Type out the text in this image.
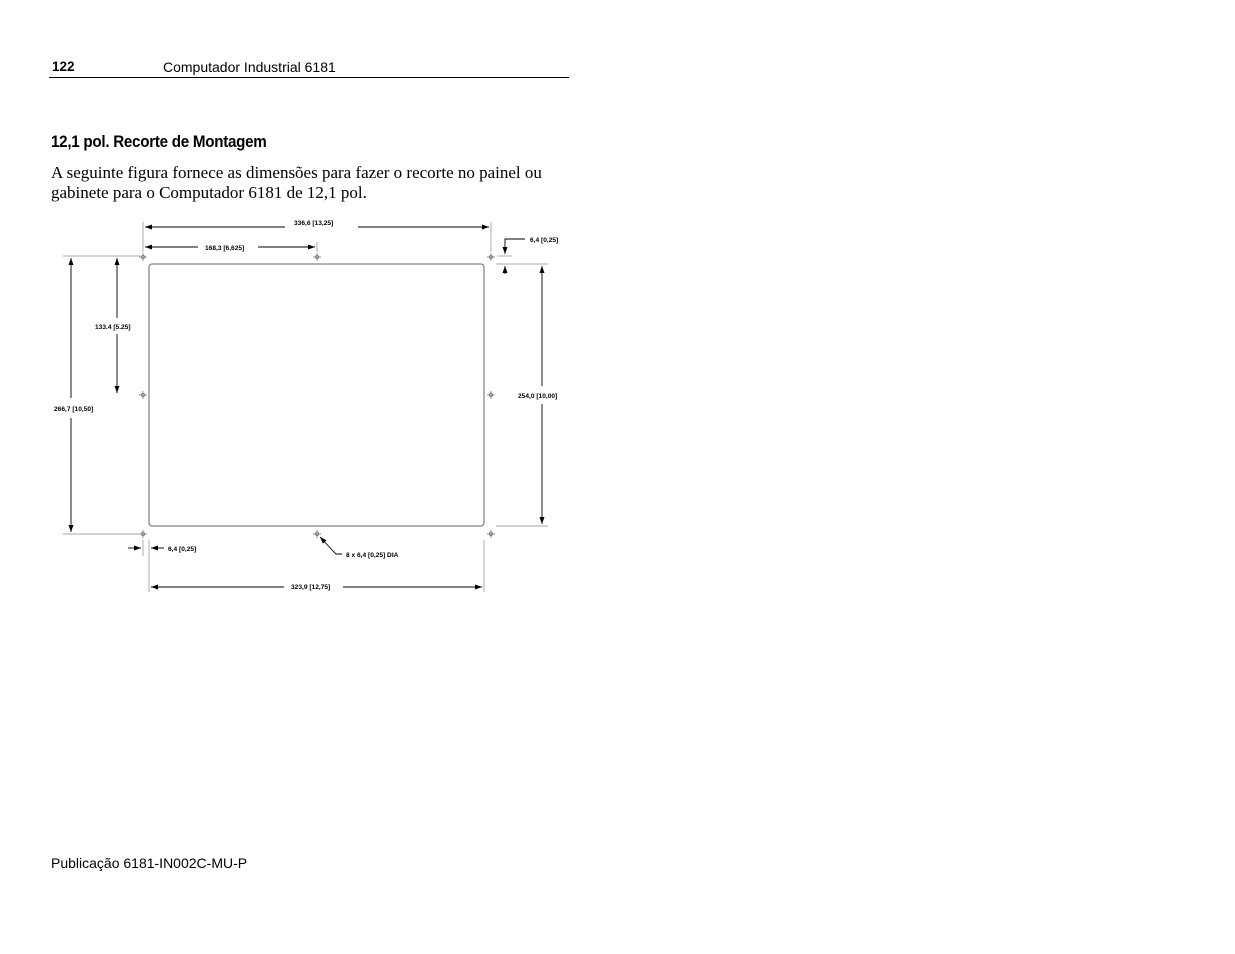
122	Computador Industrial 6181
12,1 pol. Recorte de Montagem

A seguinte figura fornece as dimensões para fazer o recorte no painel ou gabinete para o Computador 6181 de 12,1 pol.

336,6 [13,25]
168,3 [6,625]
6,4 [0,25]
133.4 [5.25]
266,7 [10,50]
254,0 [10,00]
6,4 [0,25]
8 x 6,4 [0,25] DIA
323,9 [12,75]
Publicação 6181-IN002C-MU-P
